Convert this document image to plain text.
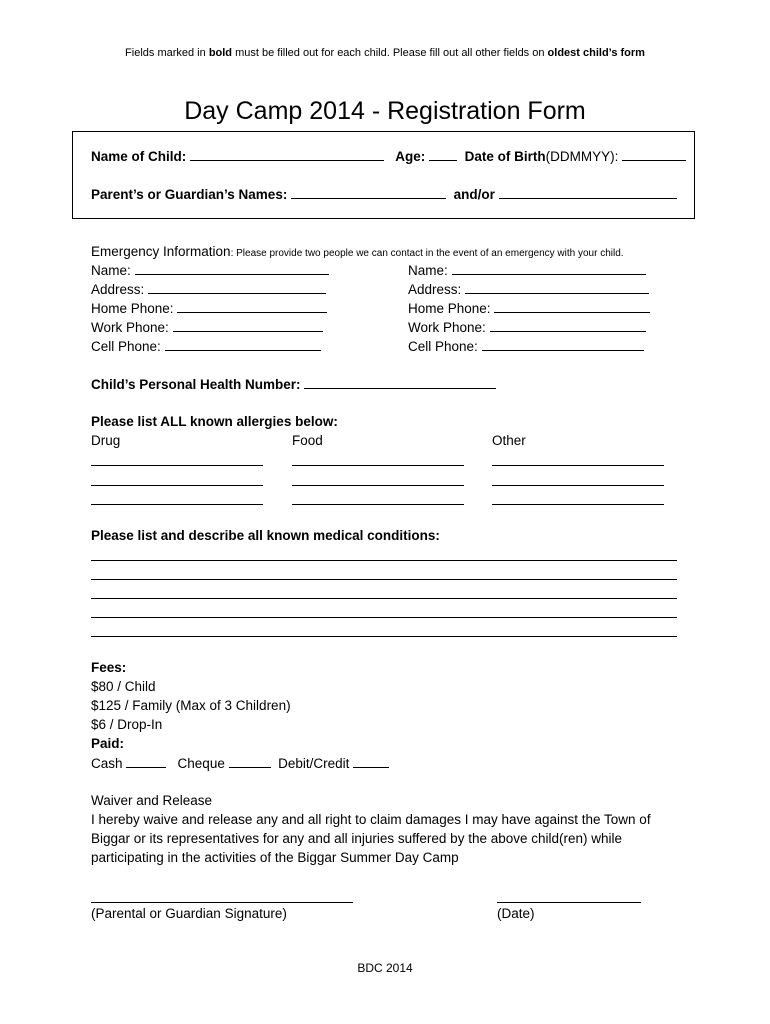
Fields marked in bold must be filled out for each child. Please fill out all other fields on oldest child’s form
Day Camp 2014 - Registration Form
Name of Child:	Age:	Date of Birth(DDMMYY):
Parent’s or Guardian’s Names:	and/or
Emergency Information: Please provide two people we can contact in the event of an emergency with your child.
Name:
Address:
Home Phone:
Work Phone:
Cell Phone:
Name:
Address:
Home Phone:
Work Phone:
Cell Phone:
Child’s Personal Health Number:
Please list ALL known allergies below:
Drug	Food	Other
Please list and describe all known medical conditions:
Fees:
$80 / Child
$125 / Family (Max of 3 Children)
$6 / Drop-In
Paid:
Cash	Cheque	Debit/Credit
Waiver and Release
I hereby waive and release any and all right to claim damages I may have against the Town of
Biggar or its representatives for any and all injuries suffered by the above child(ren) while
participating in the activities of the Biggar Summer Day Camp
(Parental or Guardian Signature)	(Date)
BDC 2014
